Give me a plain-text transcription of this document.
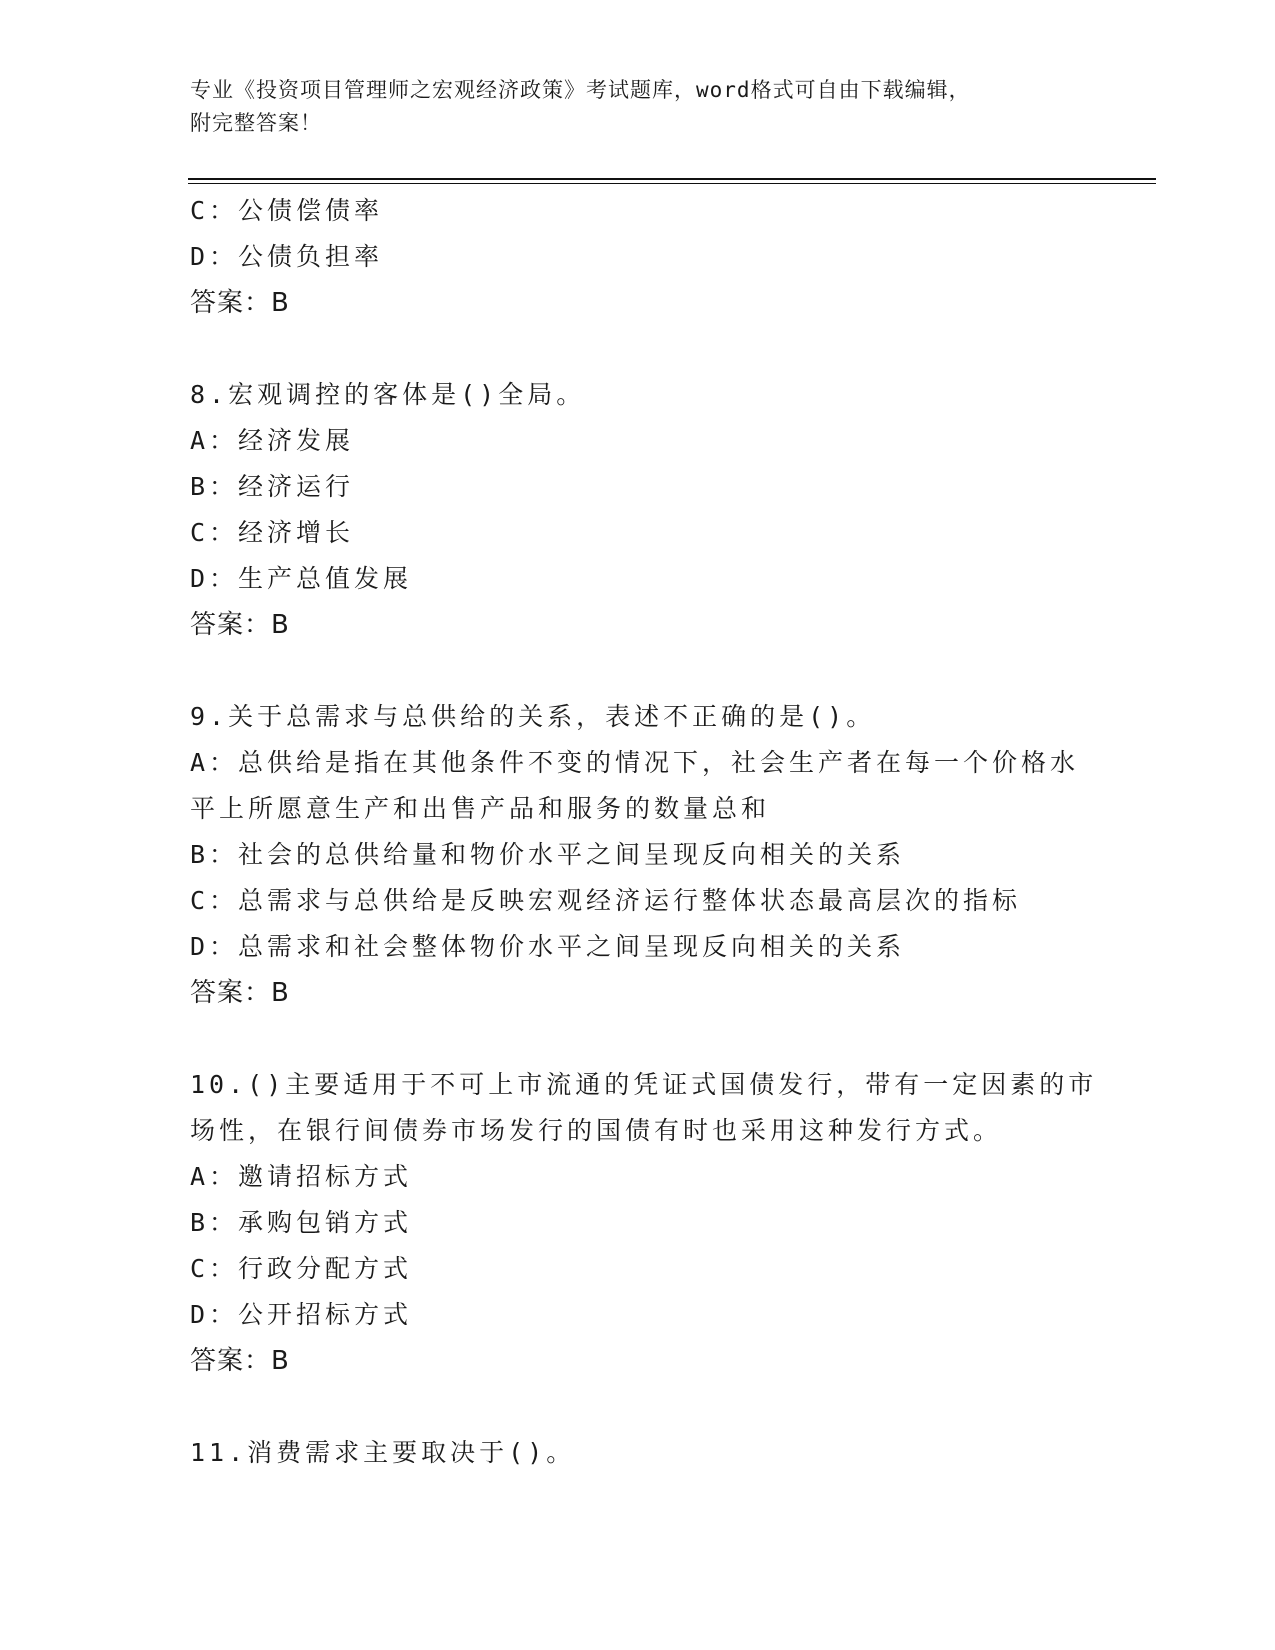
专业《投资项目管理师之宏观经济政策》考试题库，word格式可自由下载编辑，
附完整答案！
C：公债偿债率
D：公债负担率
答案：B
8.宏观调控的客体是()全局。
A：经济发展
B：经济运行
C：经济增长
D：生产总值发展
答案：B
9.关于总需求与总供给的关系，表述不正确的是()。
A：总供给是指在其他条件不变的情况下，社会生产者在每一个价格水
平上所愿意生产和出售产品和服务的数量总和
B：社会的总供给量和物价水平之间呈现反向相关的关系
C：总需求与总供给是反映宏观经济运行整体状态最高层次的指标
D：总需求和社会整体物价水平之间呈现反向相关的关系
答案：B
10.()主要适用于不可上市流通的凭证式国债发行，带有一定因素的市
场性，在银行间债券市场发行的国债有时也采用这种发行方式。
A：邀请招标方式
B：承购包销方式
C：行政分配方式
D：公开招标方式
答案：B
11.消费需求主要取决于()。
